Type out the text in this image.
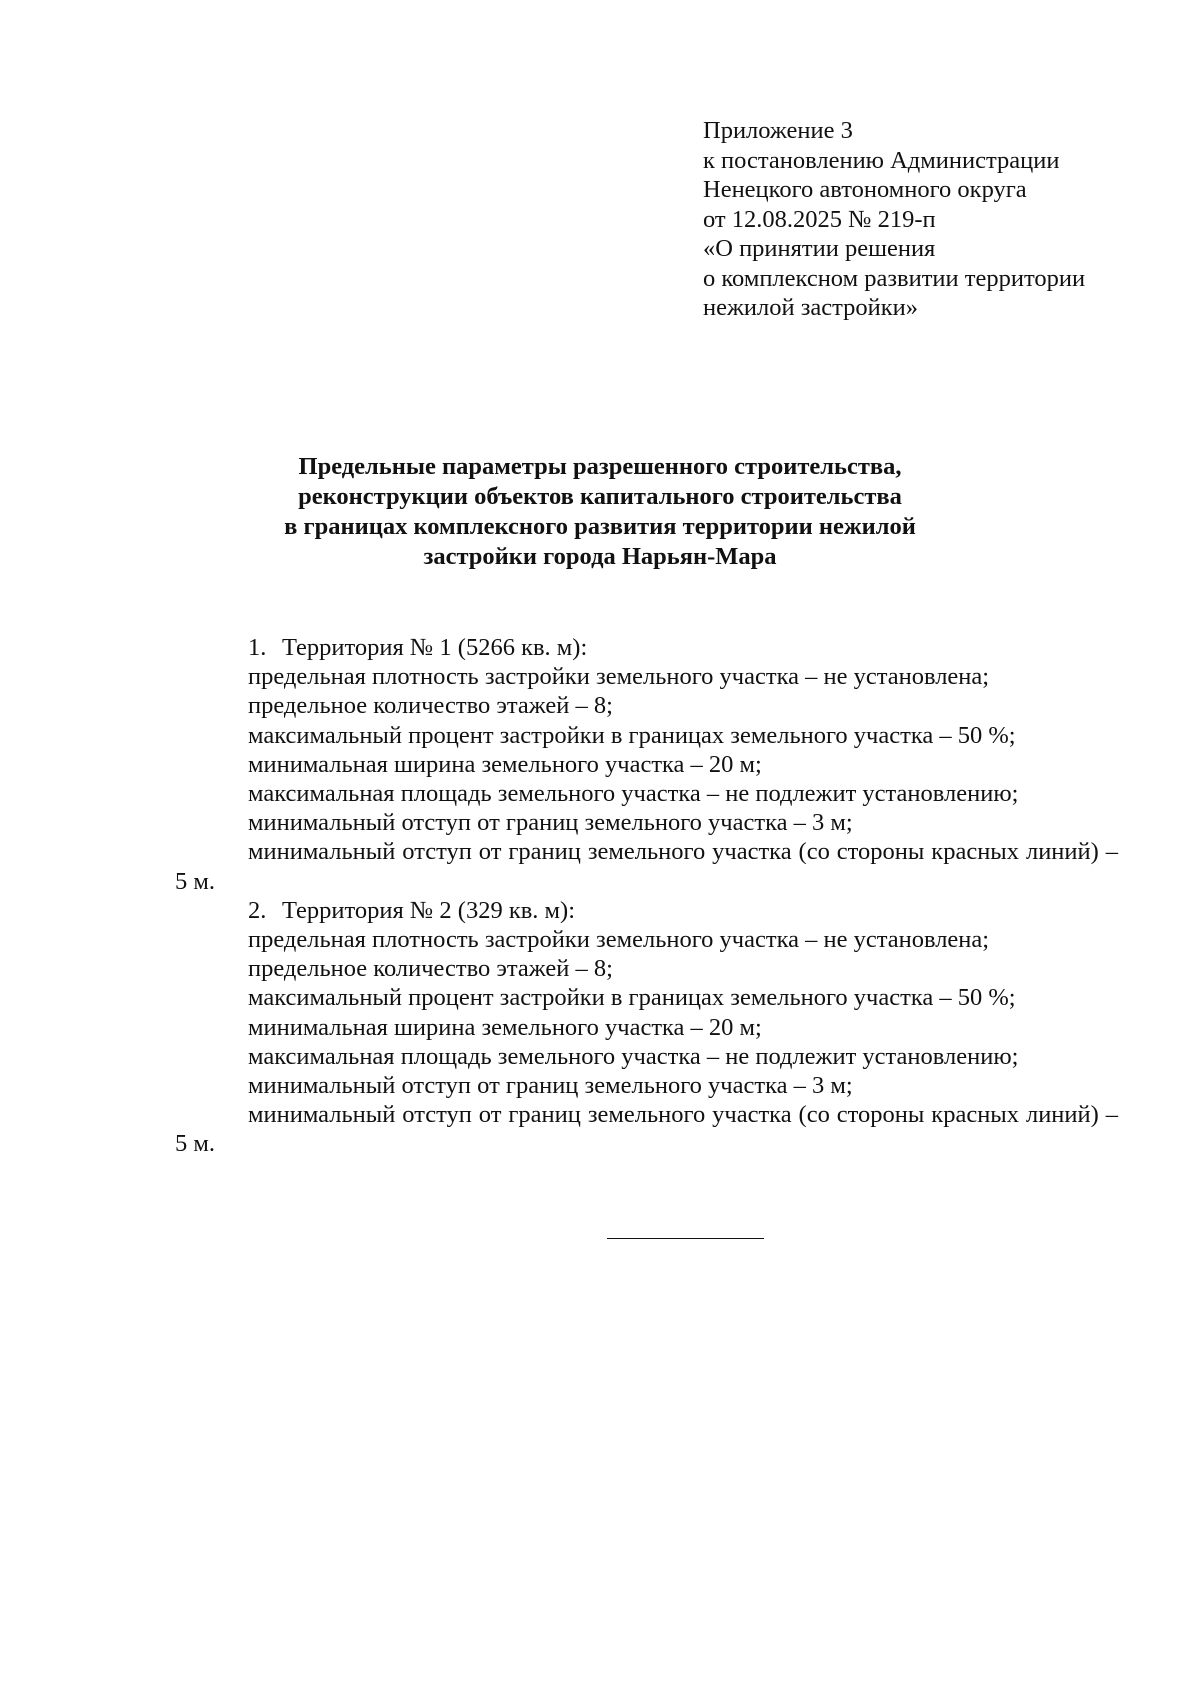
Приложение 3
к постановлению Администрации
Ненецкого автономного округа
от 12.08.2025 № 219-п
«О принятии решения
о комплексном развитии территории
нежилой застройки»
Предельные параметры разрешенного строительства,
реконструкции объектов капитального строительства
в границах комплексного развития территории нежилой
застройки города Нарьян-Мара
1. Территория № 1 (5266 кв. м):
предельная плотность застройки земельного участка – не установлена;
предельное количество этажей – 8;
максимальный процент застройки в границах земельного участка – 50 %;
минимальная ширина земельного участка – 20 м;
максимальная площадь земельного участка – не подлежит установлению;
минимальный отступ от границ земельного участка – 3 м;
минимальный отступ от границ земельного участка (со стороны красных линий) – 5 м.
2. Территория № 2 (329 кв. м):
предельная плотность застройки земельного участка – не установлена;
предельное количество этажей – 8;
максимальный процент застройки в границах земельного участка – 50 %;
минимальная ширина земельного участка – 20 м;
максимальная площадь земельного участка – не подлежит установлению;
минимальный отступ от границ земельного участка – 3 м;
минимальный отступ от границ земельного участка (со стороны красных линий) – 5 м.
